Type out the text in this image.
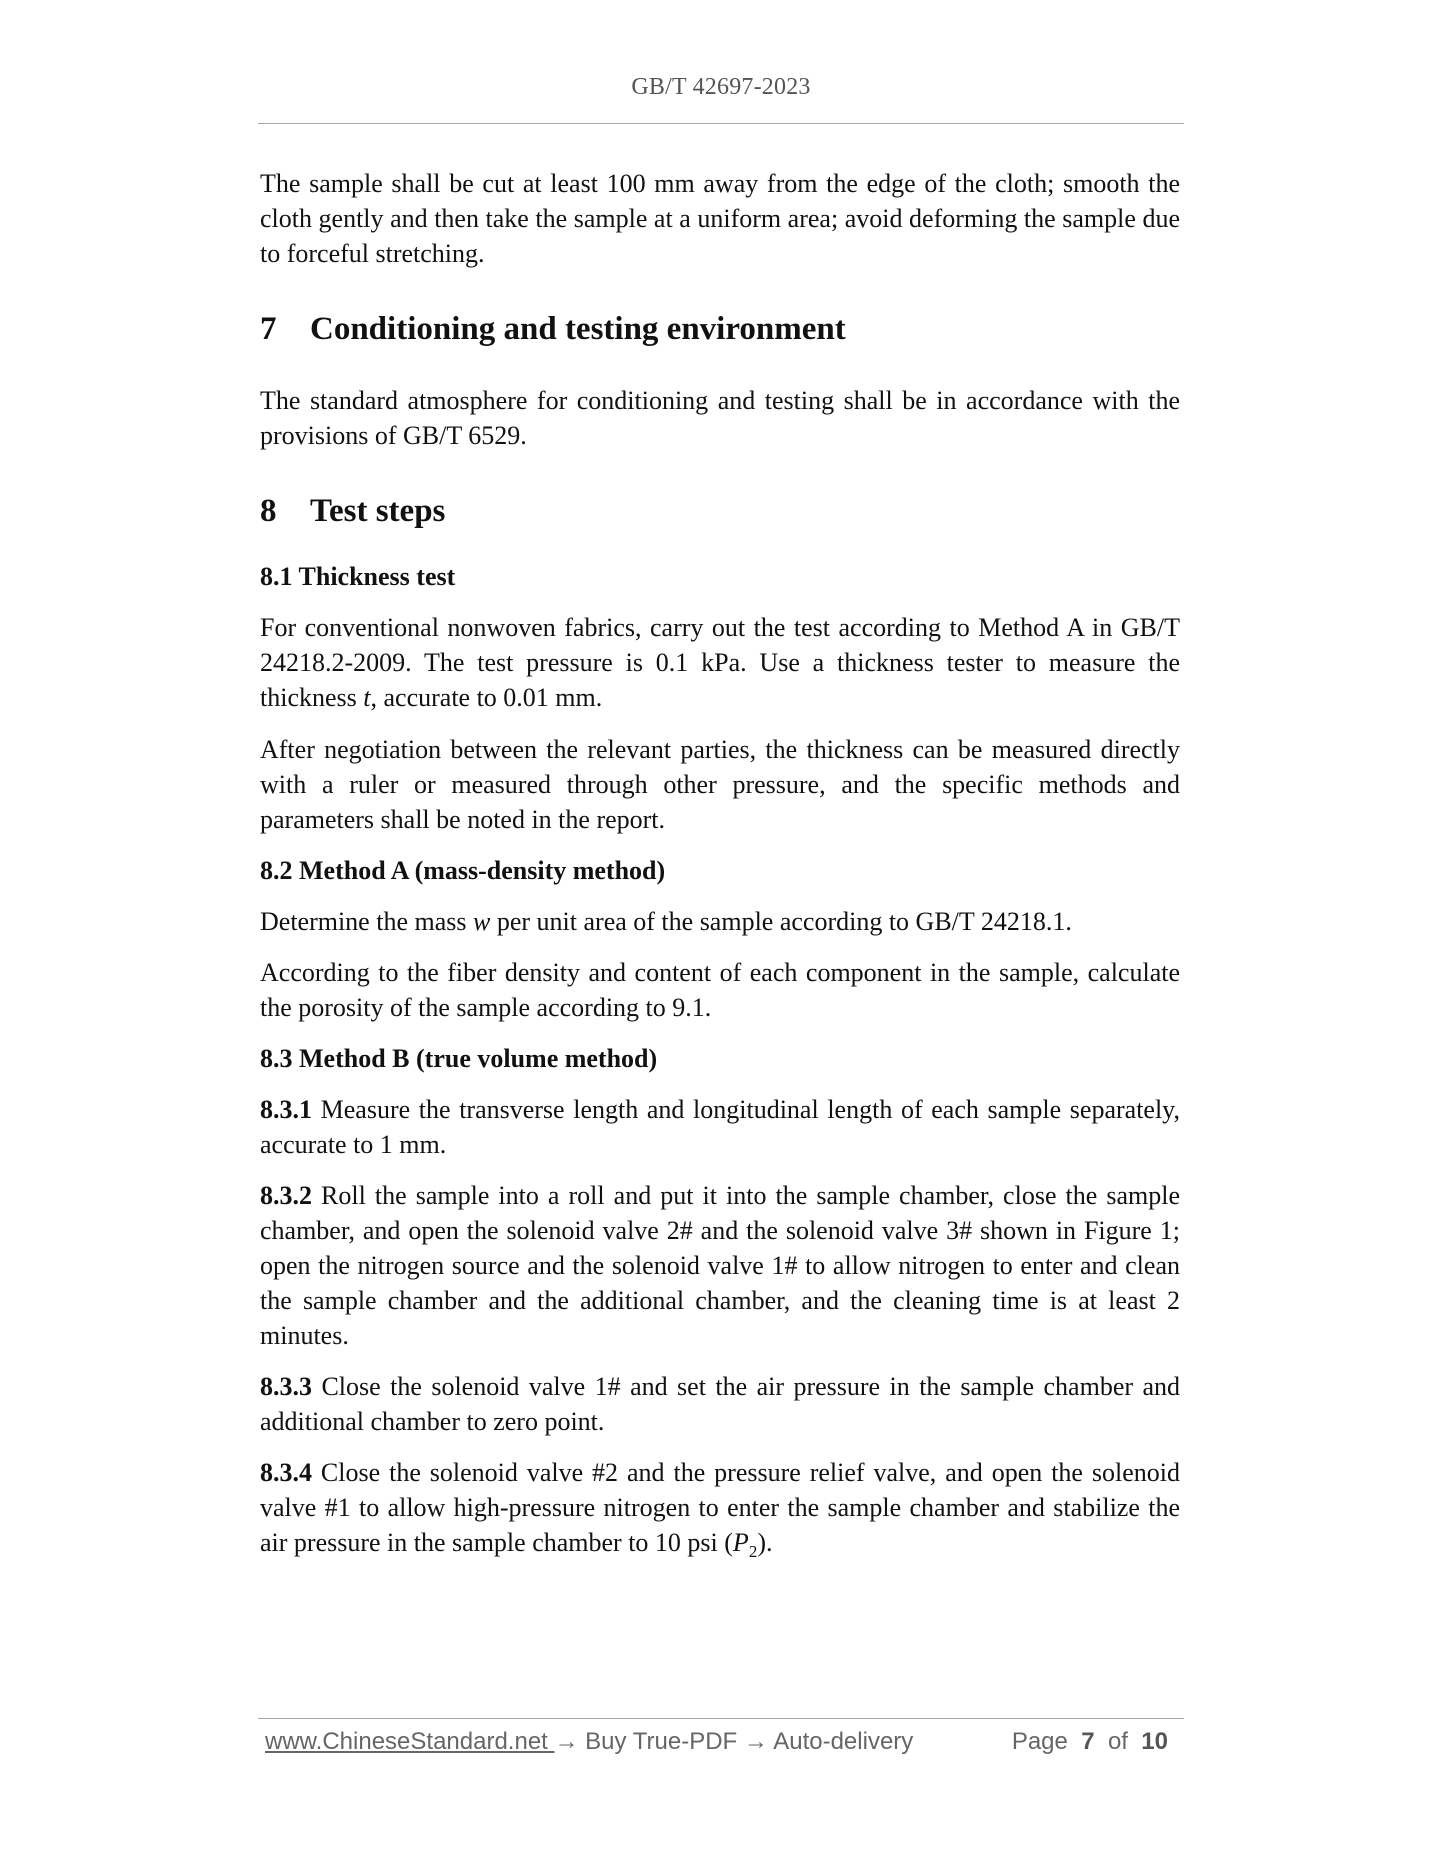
GB/T 42697-2023

The sample shall be cut at least 100 mm away from the edge of the cloth; smooth the cloth gently and then take the sample at a uniform area; avoid deforming the sample due to forceful stretching.

7 Conditioning and testing environment

The standard atmosphere for conditioning and testing shall be in accordance with the provisions of GB/T 6529.

8 Test steps
8.1 Thickness test

For conventional nonwoven fabrics, carry out the test according to Method A in GB/T 24218.2-2009. The test pressure is 0.1 kPa. Use a thickness tester to measure the thickness t, accurate to 0.01 mm.

After negotiation between the relevant parties, the thickness can be measured directly with a ruler or measured through other pressure, and the specific methods and parameters shall be noted in the report.

8.2 Method A (mass-density method)

Determine the mass w per unit area of the sample according to GB/T 24218.1.

According to the fiber density and content of each component in the sample, calculate the porosity of the sample according to 9.1.

8.3 Method B (true volume method)

8.3.1 Measure the transverse length and longitudinal length of each sample separately, accurate to 1 mm.

8.3.2 Roll the sample into a roll and put it into the sample chamber, close the sample chamber, and open the solenoid valve 2# and the solenoid valve 3# shown in Figure 1; open the nitrogen source and the solenoid valve 1# to allow nitrogen to enter and clean the sample chamber and the additional chamber, and the cleaning time is at least 2 minutes.

8.3.3 Close the solenoid valve 1# and set the air pressure in the sample chamber and additional chamber to zero point.

8.3.4 Close the solenoid valve #2 and the pressure relief valve, and open the solenoid valve #1 to allow high-pressure nitrogen to enter the sample chamber and stabilize the air pressure in the sample chamber to 10 psi $(P_2)$.

www.ChineseStandard.net → Buy True-PDF → Auto-delivery	Page 7 of 10
